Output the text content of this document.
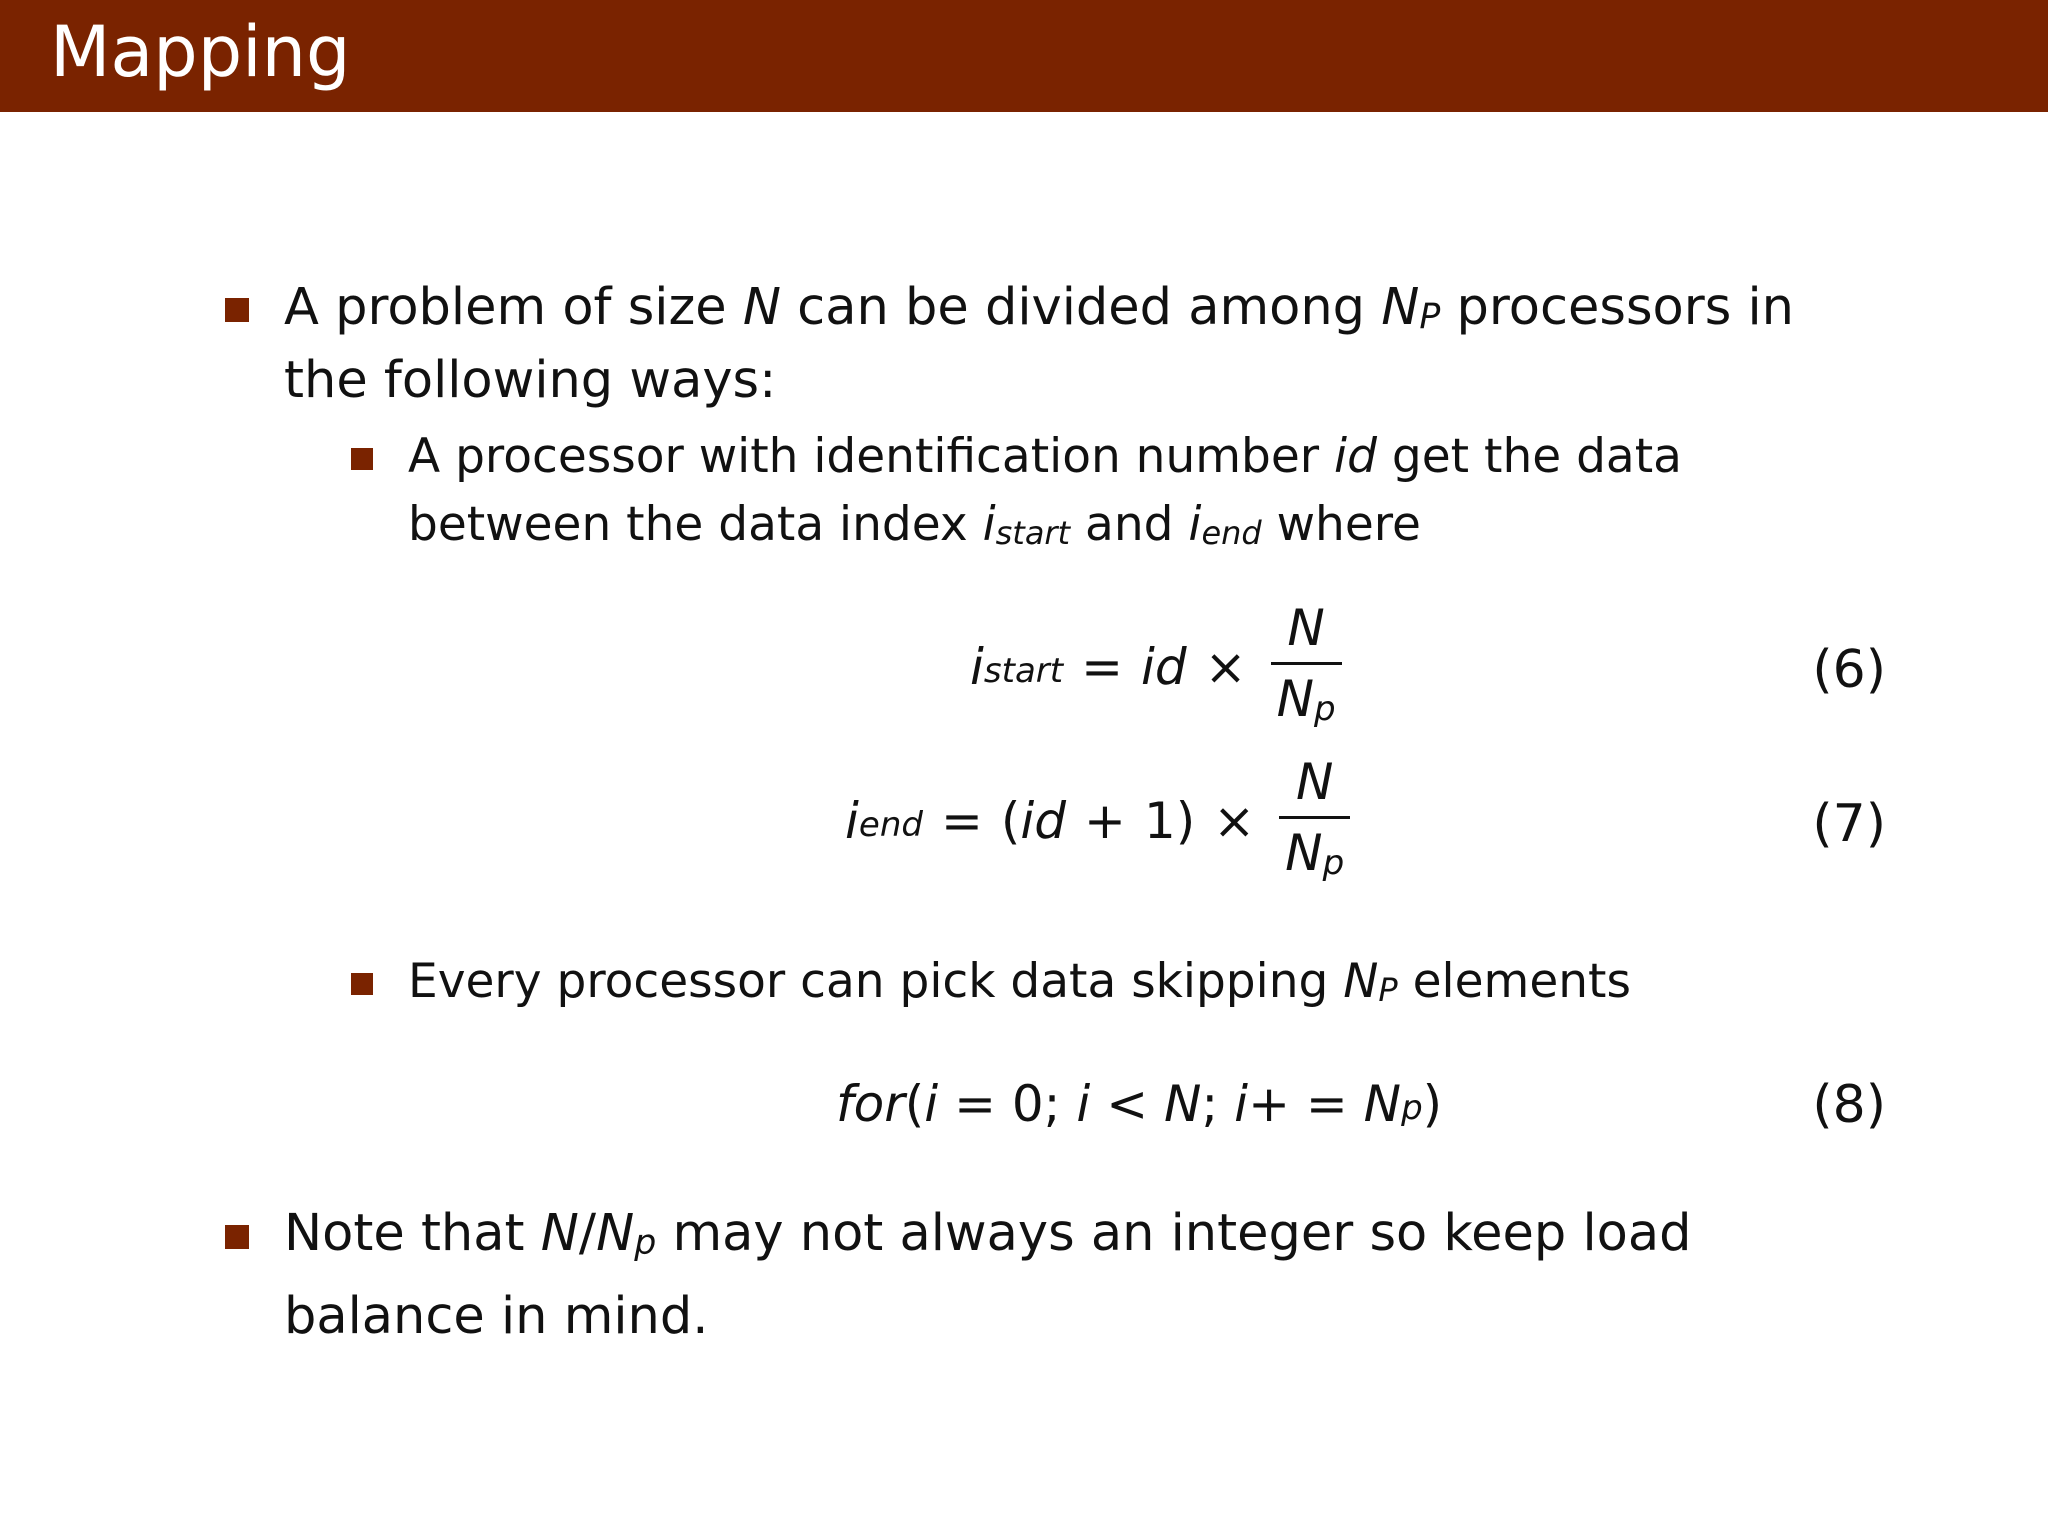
Mapping
A problem of size N can be divided among $N_P$ processors in
the following ways:
A processor with identification number id get the data
between the data index $i_{start}$ and $i_{end}$ where
$i_{start}$ = id × $\frac{N}{N_p}$	(6)
$i_{end}$ = ( id + 1 ) × $\frac{N}{N_p}$	(7)
Every processor can pick data skipping $N_P$ elements
for ( i = 0; i < N ; i + = $N_p$ )	(8)
Note that $N/N_p$ may not always an integer so keep load
balance in mind.
